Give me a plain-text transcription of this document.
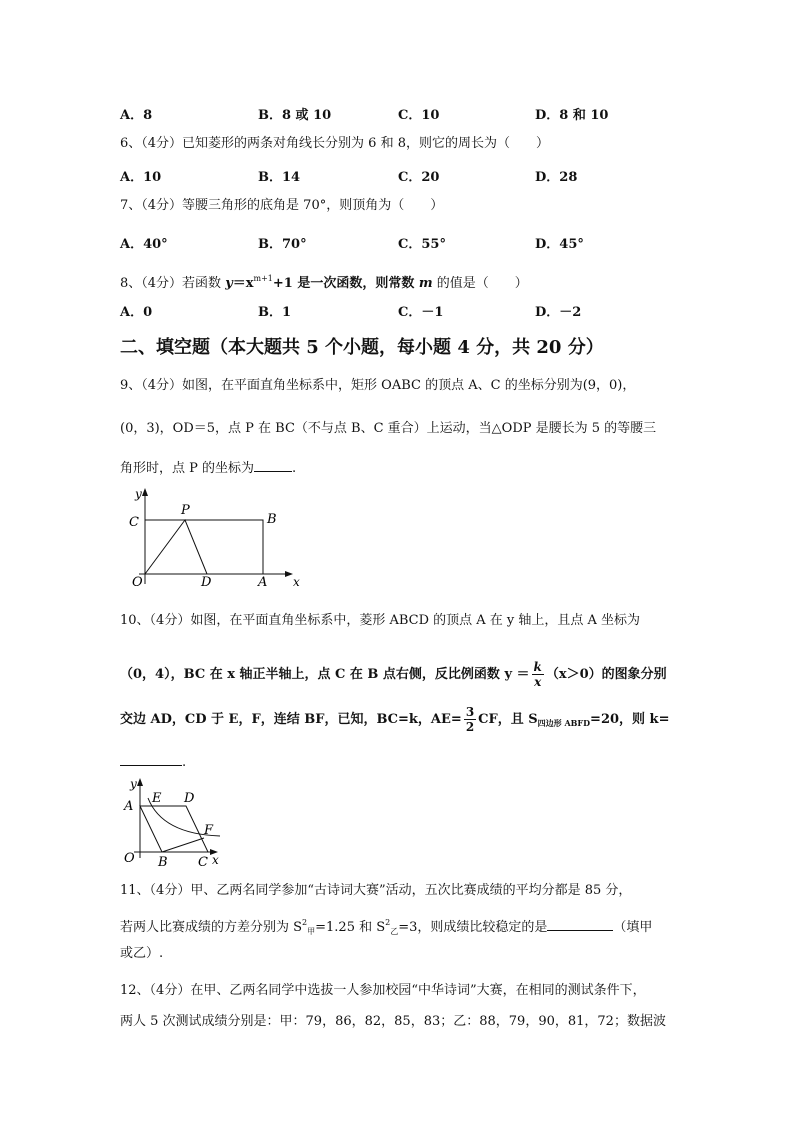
A．8	B．8 或 10	C．10	D．8 和 10
6、（4分）已知菱形的两条对角线长分别为 6 和 8，则它的周长为（　　）
A．10	B．14	C．20	D．28
7、（4分）等腰三角形的底角是 70°，则顶角为（　　）
A．40°	B．70°	C．55°	D．45°
8、（4分）若函数 $y=x^{m+1}+1$ 是一次函数，则常数 m 的值是（　　）
A．0	B．1	C．－1	D．－2
二、填空题（本大题共 5 个小题，每小题 4 分，共 20 分）
9、（4分）如图，在平面直角坐标系中，矩形 OABC 的顶点 A、C 的坐标分别为(9，0)，
(0，3)，OD＝5，点 P 在 BC（不与点 B、C 重合）上运动，当△ODP 是腰长为 5 的等腰三
角形时，点 P 的坐标为	.
y
x
C
P
B
O	D	A
10、（4分）如图，在平面直角坐标系中，菱形 ABCD 的顶点 A 在 y 轴上，且点 A 坐标为
（0，4），BC 在 x 轴正半轴上，点 C 在 B 点右侧，反比例函数 $y = \frac{k}{x} (x>0)$的图象分别
交边 AD，CD 于 E，F，连结 BF，已知，BC=k，$AE= \frac{3}{2}$ CF，且 $S_{四边形 ABFD}=20$，则 k=
.
y
x
A
E D
F
O B C
11、（4分）甲、乙两名同学参加“古诗词大赛”活动，五次比赛成绩的平均分都是 85 分，
若两人比赛成绩的方差分别为 $S^2_甲=1.25$ 和 $S^2_乙=3$，则成绩比较稳定的是	（填甲
或乙）.
12、（4分）在甲、乙两名同学中选拔一人参加校园“中华诗词”大赛，在相同的测试条件下，
两人 5 次测试成绩分别是：甲：79，86，82，85，83；乙：88，79，90，81，72；数据波
